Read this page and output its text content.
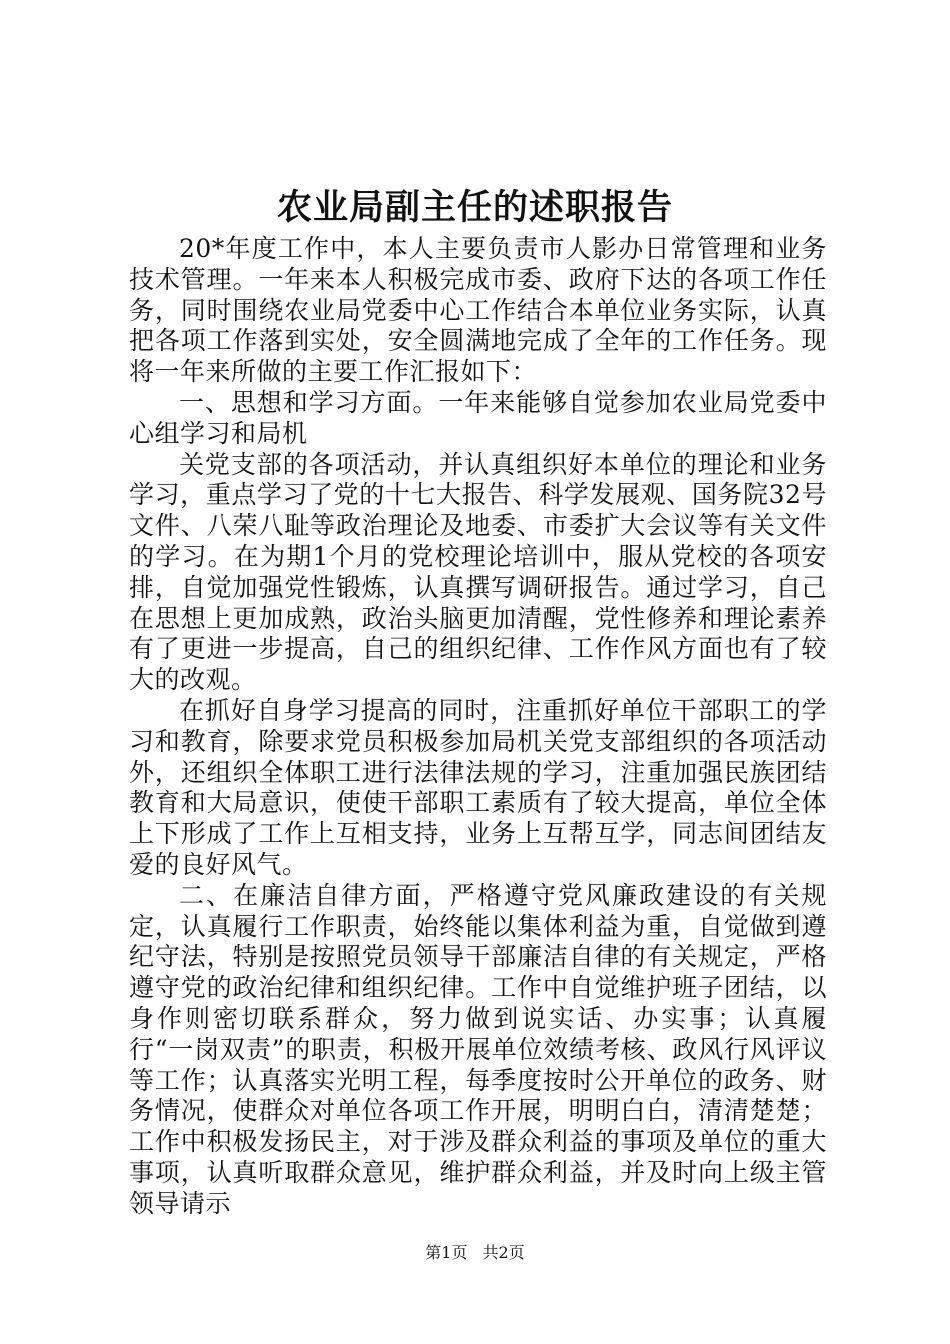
农业局副主任的述职报告

20*年度工作中，本人主要负责市人影办日常管理和业务技术管理。一年来本人积极完成市委、政府下达的各项工作任务，同时围绕农业局党委中心工作结合本单位业务实际，认真把各项工作落到实处，安全圆满地完成了全年的工作任务。现将一年来所做的主要工作汇报如下：

一、思想和学习方面。一年来能够自觉参加农业局党委中心组学习和局机

关党支部的各项活动，并认真组织好本单位的理论和业务学习，重点学习了党的十七大报告、科学发展观、国务院32号文件、八荣八耻等政治理论及地委、市委扩大会议等有关文件的学习。在为期1个月的党校理论培训中，服从党校的各项安排，自觉加强党性锻炼，认真撰写调研报告。通过学习，自己在思想上更加成熟，政治头脑更加清醒，党性修养和理论素养有了更进一步提高，自己的组织纪律、工作作风方面也有了较大的改观。

在抓好自身学习提高的同时，注重抓好单位干部职工的学习和教育，除要求党员积极参加局机关党支部组织的各项活动外，还组织全体职工进行法律法规的学习，注重加强民族团结教育和大局意识，使使干部职工素质有了较大提高，单位全体上下形成了工作上互相支持，业务上互帮互学，同志间团结友爱的良好风气。

二、在廉洁自律方面，严格遵守党风廉政建设的有关规定，认真履行工作职责，始终能以集体利益为重，自觉做到遵纪守法，特别是按照党员领导干部廉洁自律的有关规定，严格遵守党的政治纪律和组织纪律。工作中自觉维护班子团结，以身作则密切联系群众，努力做到说实话、办实事；认真履行“一岗双责”的职责，积极开展单位效绩考核、政风行风评议等工作；认真落实光明工程，每季度按时公开单位的政务、财务情况，使群众对单位各项工作开展，明明白白，清清楚楚；工作中积极发扬民主，对于涉及群众利益的事项及单位的重大事项，认真听取群众意见，维护群众利益，并及时向上级主管领导请示

第1页 共2页
